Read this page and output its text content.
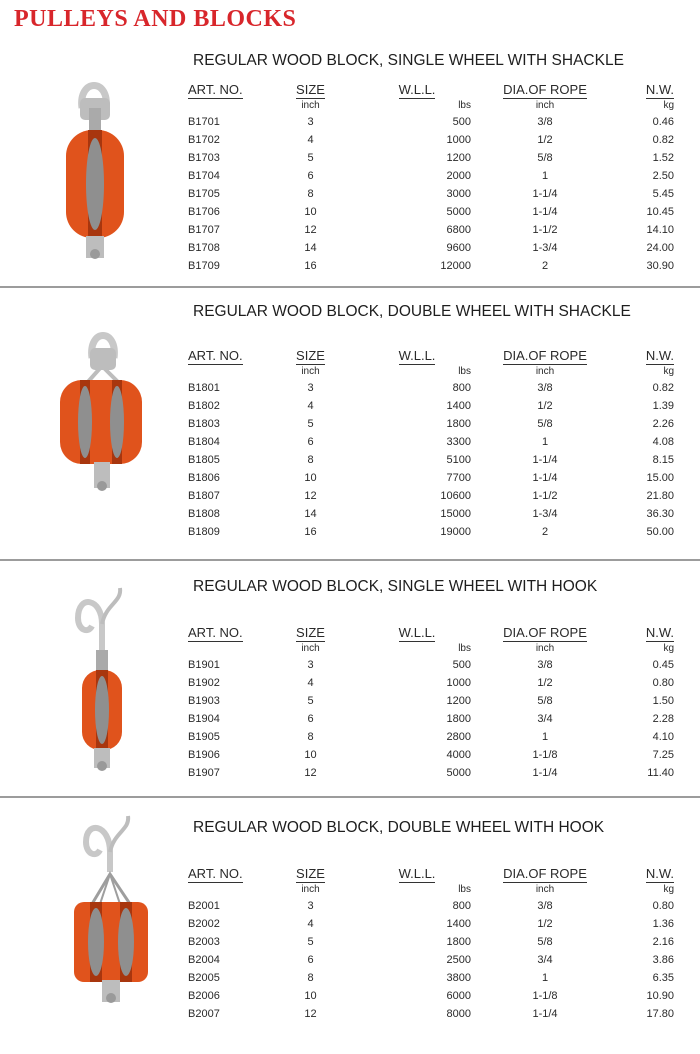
PULLEYS AND BLOCKS
REGULAR WOOD BLOCK, SINGLE WHEEL WITH SHACKLE
ART. NO.	SIZE	W.L.L.	DIA.OF ROPE	N.W.
	inch	lbs	inch	kg
B1701	3	500	3/8	0.46
B1702	4	1000	1/2	0.82
B1703	5	1200	5/8	1.52
B1704	6	2000	1	2.50
B1705	8	3000	1-1/4	5.45
B1706	10	5000	1-1/4	10.45
B1707	12	6800	1-1/2	14.10
B1708	14	9600	1-3/4	24.00
B1709	16	12000	2	30.90
REGULAR WOOD BLOCK, DOUBLE WHEEL WITH SHACKLE
ART. NO.	SIZE	W.L.L.	DIA.OF ROPE	N.W.
	inch	lbs	inch	kg
B1801	3	800	3/8	0.82
B1802	4	1400	1/2	1.39
B1803	5	1800	5/8	2.26
B1804	6	3300	1	4.08
B1805	8	5100	1-1/4	8.15
B1806	10	7700	1-1/4	15.00
B1807	12	10600	1-1/2	21.80
B1808	14	15000	1-3/4	36.30
B1809	16	19000	2	50.00
REGULAR WOOD BLOCK, SINGLE WHEEL WITH HOOK
ART. NO.	SIZE	W.L.L.	DIA.OF ROPE	N.W.
	inch	lbs	inch	kg
B1901	3	500	3/8	0.45
B1902	4	1000	1/2	0.80
B1903	5	1200	5/8	1.50
B1904	6	1800	3/4	2.28
B1905	8	2800	1	4.10
B1906	10	4000	1-1/8	7.25
B1907	12	5000	1-1/4	11.40
REGULAR WOOD BLOCK, DOUBLE WHEEL WITH HOOK
ART. NO.	SIZE	W.L.L.	DIA.OF ROPE	N.W.
	inch	lbs	inch	kg
B2001	3	800	3/8	0.80
B2002	4	1400	1/2	1.36
B2003	5	1800	5/8	2.16
B2004	6	2500	3/4	3.86
B2005	8	3800	1	6.35
B2006	10	6000	1-1/8	10.90
B2007	12	8000	1-1/4	17.80
